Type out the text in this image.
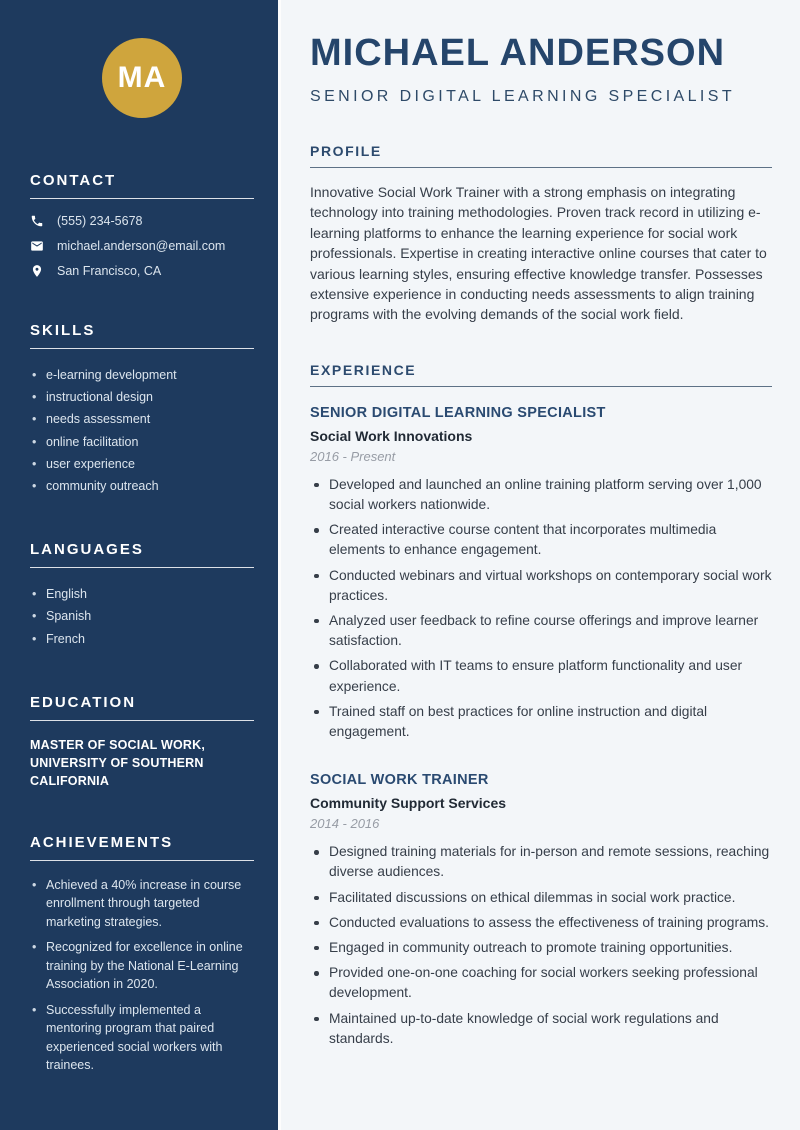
MA
CONTACT
(555) 234-5678
michael.anderson@email.com
San Francisco, CA
SKILLS
• e-learning development
• instructional design
• needs assessment
• online facilitation
• user experience
• community outreach
LANGUAGES
• English
• Spanish
• French
EDUCATION

MASTER OF SOCIAL WORK, UNIVERSITY OF SOUTHERN CALIFORNIA

ACHIEVEMENTS
• Achieved a 40% increase in course enrollment through targeted marketing strategies.
• Recognized for excellence in online training by the National E-Learning Association in 2020.
• Successfully implemented a mentoring program that paired experienced social workers with trainees.
MICHAEL ANDERSON
SENIOR DIGITAL LEARNING SPECIALIST
PROFILE

Innovative Social Work Trainer with a strong emphasis on integrating technology into training methodologies. Proven track record in utilizing e-learning platforms to enhance the learning experience for social work professionals. Expertise in creating interactive online courses that cater to various learning styles, ensuring effective knowledge transfer. Possesses extensive experience in conducting needs assessments to align training programs with the evolving demands of the social work field.

EXPERIENCE
SENIOR DIGITAL LEARNING SPECIALIST
Social Work Innovations
2016 - Present
Developed and launched an online training platform serving over 1,000 social workers nationwide.
Created interactive course content that incorporates multimedia elements to enhance engagement.
Conducted webinars and virtual workshops on contemporary social work practices.
Analyzed user feedback to refine course offerings and improve learner satisfaction.
Collaborated with IT teams to ensure platform functionality and user experience.
Trained staff on best practices for online instruction and digital engagement.
SOCIAL WORK TRAINER
Community Support Services
2014 - 2016
Designed training materials for in-person and remote sessions, reaching diverse audiences.
Facilitated discussions on ethical dilemmas in social work practice.
Conducted evaluations to assess the effectiveness of training programs.
Engaged in community outreach to promote training opportunities.
Provided one-on-one coaching for social workers seeking professional development.
Maintained up-to-date knowledge of social work regulations and standards.
